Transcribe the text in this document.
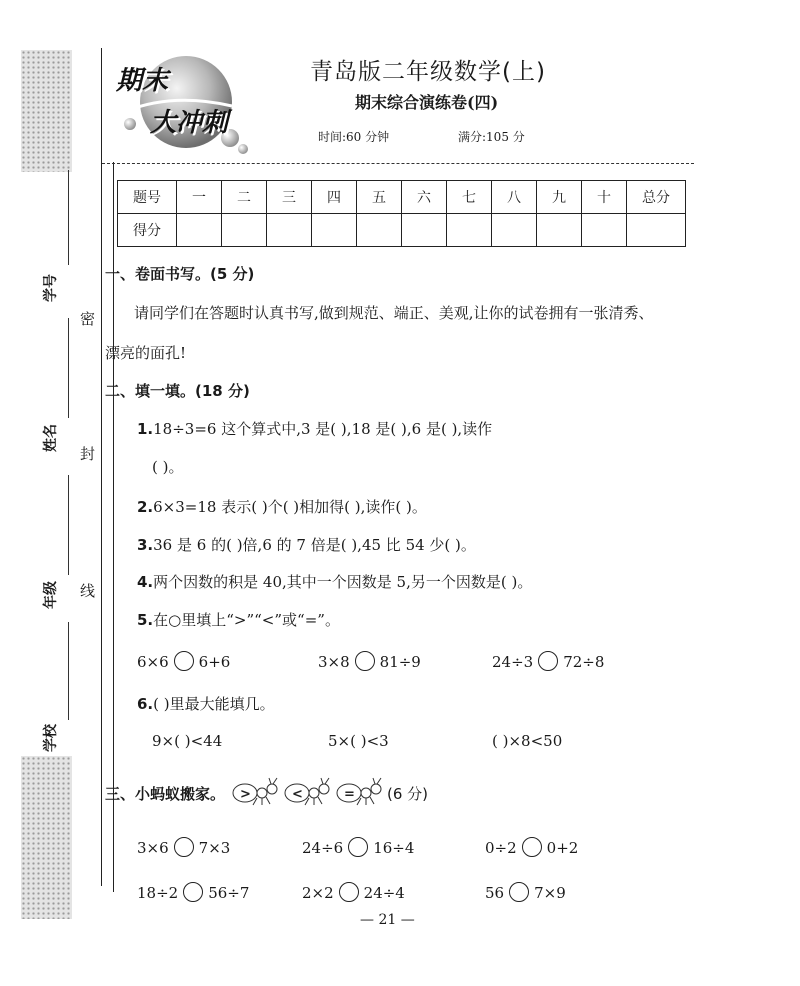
学号
姓名
年级
学校
密
封
线
期末
大冲刺
青岛版二年级数学(上)
期末综合演练卷(四)
时间:60 分钟	满分:105 分
题号	一	二	三	四	五	六	七	八	九	十	总分
得分											
一、卷面书写。(5 分)
请同学们在答题时认真书写,做到规范、端正、美观,让你的试卷拥有一张清秀、
漂亮的面孔!
二、填一填。(18 分)
1.18÷3=6 这个算式中,3 是( ),18 是( ),6 是( ),读作
( )。
2.6×3=18 表示( )个( )相加得( ),读作( )。
3.36 是 6 的( )倍,6 的 7 倍是( ),45 比 54 少( )。
4.两个因数的积是 40,其中一个因数是 5,另一个因数是( )。
5.在○里填上“>”“<”或“=”。
6×6 6+6	3×8 81÷9	24÷3 72÷8
6.( )里最大能填几。
9×( )<44	5×( )<3	( )×8<50
三、小蚂蚁搬家。 >	<	= (6 分)
3×6 7×3	24÷6 16÷4	0÷2 0+2
18÷2 56÷7	2×2 24÷4	56 7×9
— 21 —
